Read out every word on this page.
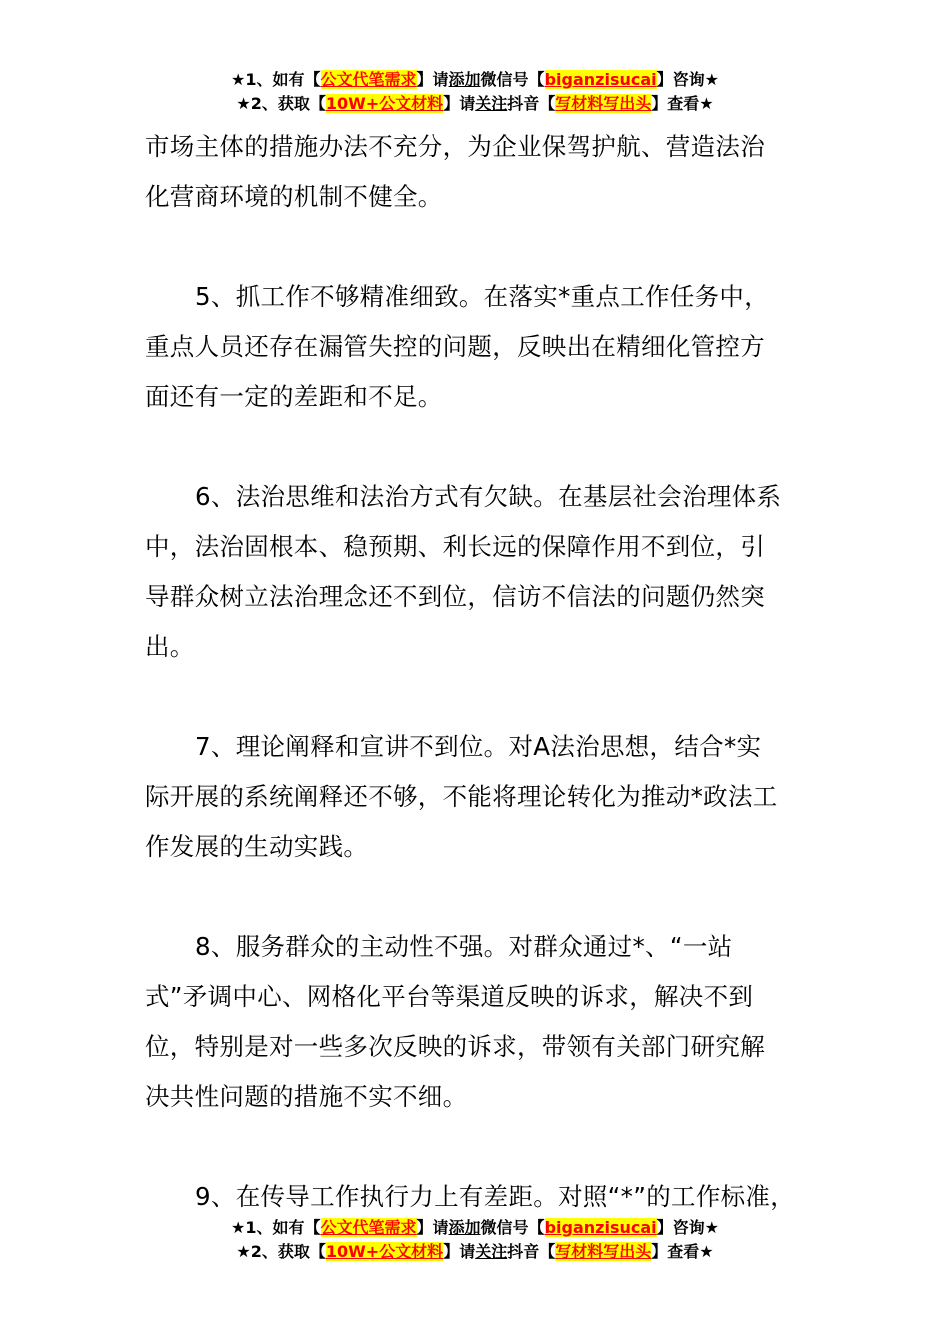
★1、如有【公文代笔需求】请添加微信号【biganzisucai】咨询★
★2、获取【10W+公文材料】请关注抖音【写材料写出头】查看★

市场主体的措施办法不充分，为企业保驾护航、营造法治
化营商环境的机制不健全。

5、抓工作不够精准细致。在落实*重点工作任务中，
重点人员还存在漏管失控的问题，反映出在精细化管控方
面还有一定的差距和不足。

6、法治思维和法治方式有欠缺。在基层社会治理体系
中，法治固根本、稳预期、利长远的保障作用不到位，引
导群众树立法治理念还不到位，信访不信法的问题仍然突
出。

7、理论阐释和宣讲不到位。对A法治思想，结合*实
际开展的系统阐释还不够，不能将理论转化为推动*政法工
作发展的生动实践。

8、服务群众的主动性不强。对群众通过*、“一站
式”矛调中心、网格化平台等渠道反映的诉求，解决不到
位，特别是对一些多次反映的诉求，带领有关部门研究解
决共性问题的措施不实不细。

9、在传导工作执行力上有差距。对照“*”的工作标准，

★1、如有【公文代笔需求】请添加微信号【biganzisucai】咨询★
★2、获取【10W+公文材料】请关注抖音【写材料写出头】查看★
